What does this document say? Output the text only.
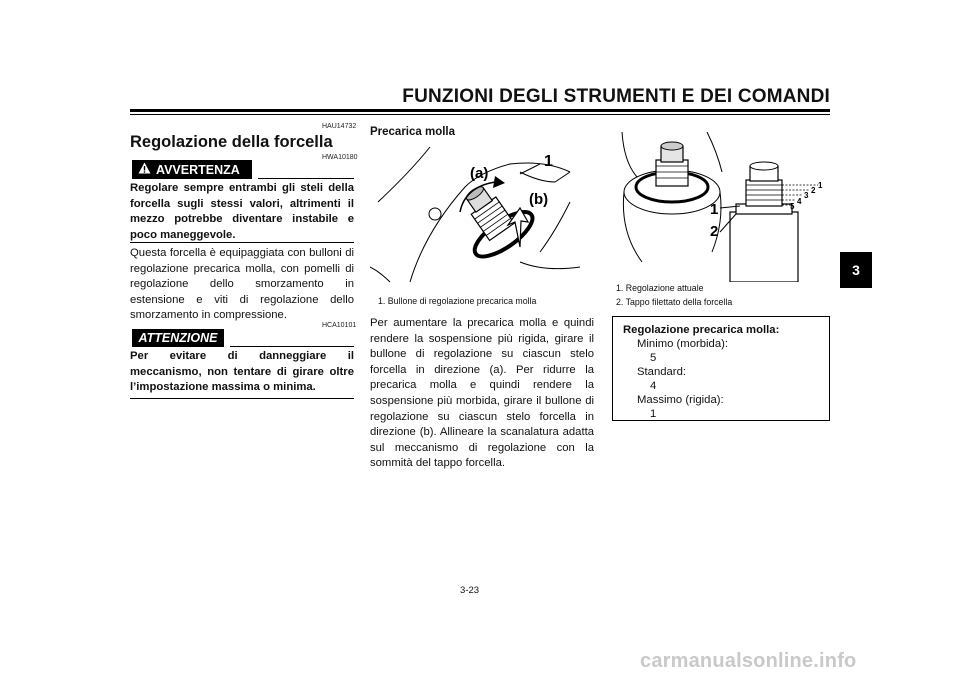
FUNZIONI DEGLI STRUMENTI E DEI COMANDI
3
HAU14732
Regolazione della forcella
HWA10180
AVVERTENZA
Regolare sempre entrambi gli steli della forcella sugli stessi valori, altrimenti il mezzo potrebbe diventare instabile e poco maneggevole.
Questa forcella è equipaggiata con bulloni di regolazione precarica molla, con pomelli di regolazione dello smorzamento in estensione e viti di regolazione dello smorzamento in compressione.
HCA10101
ATTENZIONE
Per evitare di danneggiare il meccanismo, non tentare di girare oltre l’impostazione massima o minima.
Precarica molla
(a)
(b)
1
1. Bullone di regolazione precarica molla
Per aumentare la precarica molla e quindi rendere la sospensione più rigida, girare il bullone di regolazione su ciascun stelo forcella in direzione (a). Per ridurre la precarica molla e quindi rendere la sospensione più morbida, girare il bullone di regolazione su ciascun stelo forcella in direzione (b). Allineare la scanalatura adatta sul meccanismo di regolazione con la sommità del tappo forcella.
1
2
5
4
3
2
1
1. Regolazione attuale
2. Tappo filettato della forcella
Regolazione precarica molla:
Minimo (morbida):
5
Standard:
4
Massimo (rigida):
1
3-23
carmanualsonline.info
